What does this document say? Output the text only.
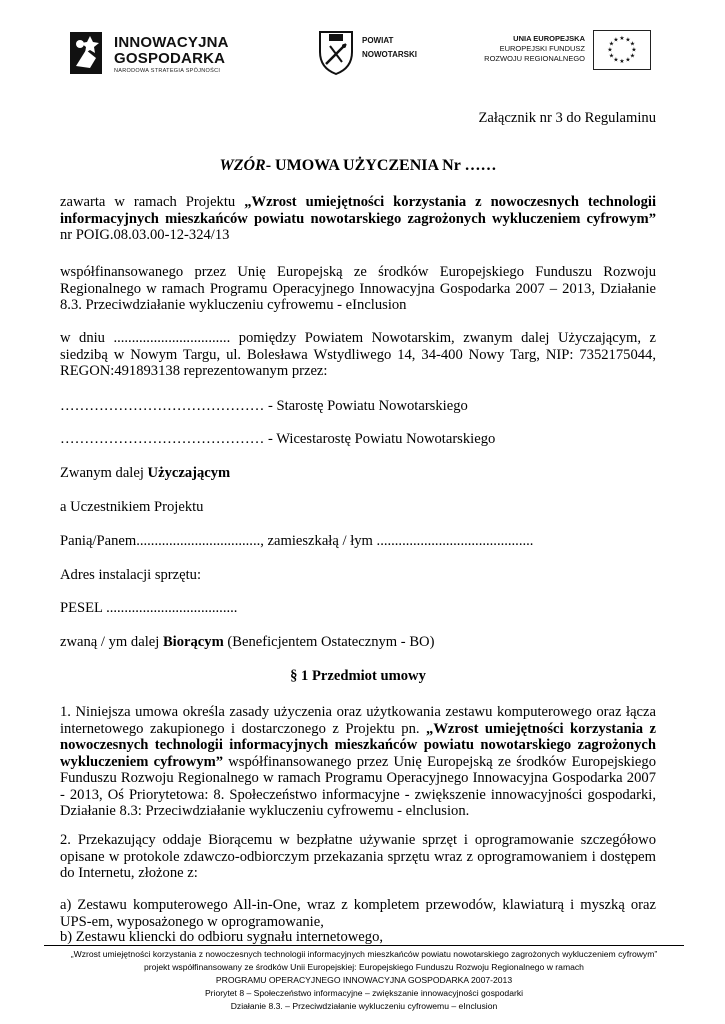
INNOWACYJNA
GOSPODARKA
NARODOWA STRATEGIA SPÓJNOŚCI
POWIAT
NOWOTARSKI
UNIA EUROPEJSKA
EUROPEJSKI FUNDUSZ
ROZWOJU REGIONALNEGO
★ ★
★
★
★
★
★
★
★
★
★
★
Załącznik nr 3 do Regulaminu
WZÓR- UMOWA UŻYCZENIA Nr ……
zawarta w ramach Projektu „Wzrost umiejętności korzystania z nowoczesnych technologii informacyjnych mieszkańców powiatu nowotarskiego zagrożonych wykluczeniem cyfrowym” nr POIG.08.03.00-12-324/13
współfinansowanego przez Unię Europejską ze środków Europejskiego Funduszu Rozwoju Regionalnego w ramach Programu Operacyjnego Innowacyjna Gospodarka 2007 – 2013, Działanie 8.3. Przeciwdziałanie wykluczeniu cyfrowemu - eInclusion
w dniu ................................ pomiędzy Powiatem Nowotarskim, zwanym dalej Użyczającym, z siedzibą w Nowym Targu, ul. Bolesława Wstydliwego 14, 34-400 Nowy Targ, NIP: 7352175044, REGON:491893138 reprezentowanym przez:
…………………………………… - Starostę Powiatu Nowotarskiego
…………………………………… - Wicestarostę Powiatu Nowotarskiego
Zwanym dalej Użyczającym
a Uczestnikiem Projektu
Panią/Panem.................................., zamieszkałą / łym ...........................................
Adres instalacji sprzętu:
PESEL ....................................
zwaną / ym dalej Biorącym (Beneficjentem Ostatecznym - BO)
§ 1 Przedmiot umowy
1. Niniejsza umowa określa zasady użyczenia oraz użytkowania zestawu komputerowego oraz łącza internetowego zakupionego i dostarczonego z Projektu pn. „Wzrost umiejętności korzystania z nowoczesnych technologii informacyjnych mieszkańców powiatu nowotarskiego zagrożonych wykluczeniem cyfrowym” współfinansowanego przez Unię Europejską ze środków Europejskiego Funduszu Rozwoju Regionalnego w ramach Programu Operacyjnego Innowacyjna Gospodarka 2007 - 2013, Oś Priorytetowa: 8. Społeczeństwo informacyjne - zwiększenie innowacyjności gospodarki, Działanie 8.3: Przeciwdziałanie wykluczeniu cyfrowemu - elnclusion.
2. Przekazujący oddaje Biorącemu w bezpłatne używanie sprzęt i oprogramowanie szczegółowo opisane w protokole zdawczo-odbiorczym przekazania sprzętu wraz z oprogramowaniem i dostępem do Internetu, złożone z:
a) Zestawu komputerowego All-in-One, wraz z kompletem przewodów, klawiaturą i myszką oraz UPS-em, wyposażonego w oprogramowanie,
b) Zestawu kliencki do odbioru sygnału internetowego,
„Wzrost umiejętności korzystania z nowoczesnych technologii informacyjnych mieszkańców powiatu nowotarskiego zagrożonych wykluczeniem cyfrowym”
projekt współfinansowany ze środków Unii Europejskiej: Europejskiego Funduszu Rozwoju Regionalnego w ramach
PROGRAMU OPERACYJNEGO INNOWACYJNA GOSPODARKA 2007-2013
Priorytet 8 – Społeczeństwo informacyjne – zwiększanie innowacyjności gospodarki
Działanie 8.3. – Przeciwdziałanie wykluczeniu cyfrowemu – eInclusion
